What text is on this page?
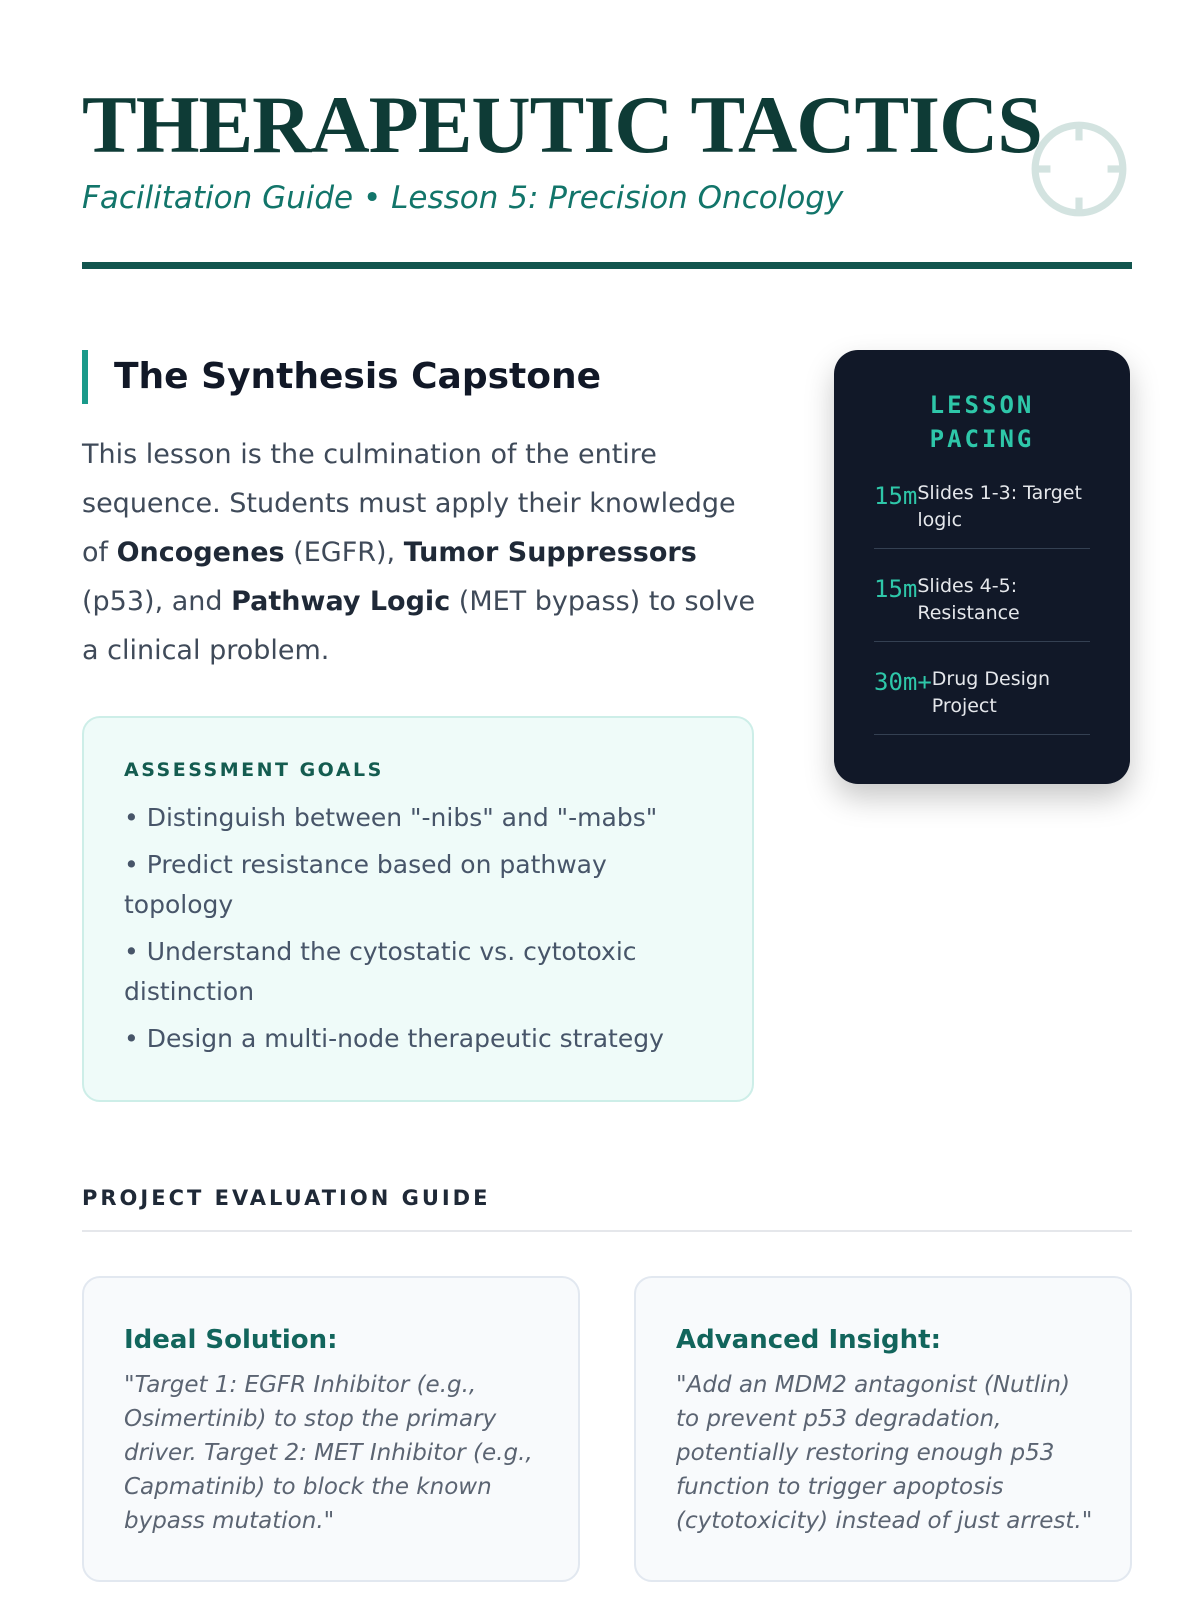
THERAPEUTIC TACTICS
Facilitation Guide • Lesson 5: Precision Oncology
The Synthesis Capstone

This lesson is the culmination of the entire sequence. Students must apply their knowledge of Oncogenes (EGFR), Tumor Suppressors (p53), and Pathway Logic (MET bypass) to solve a clinical problem.

ASSESSMENT GOALS
• Distinguish between "-nibs" and "-mabs"
• Predict resistance based on pathway topology
• Understand the cytostatic vs. cytotoxic distinction
• Design a multi-node therapeutic strategy
LESSON PACING
15m Slides 1-3: Target logic
15m Slides 4-5: Resistance
30m+ Drug Design Project
PROJECT EVALUATION GUIDE
Ideal Solution:
"Target 1: EGFR Inhibitor (e.g., Osimertinib) to stop the primary driver. Target 2: MET Inhibitor (e.g., Capmatinib) to block the known bypass mutation."
Advanced Insight:
"Add an MDM2 antagonist (Nutlin) to prevent p53 degradation, potentially restoring enough p53 function to trigger apoptosis (cytotoxicity) instead of just arrest."
